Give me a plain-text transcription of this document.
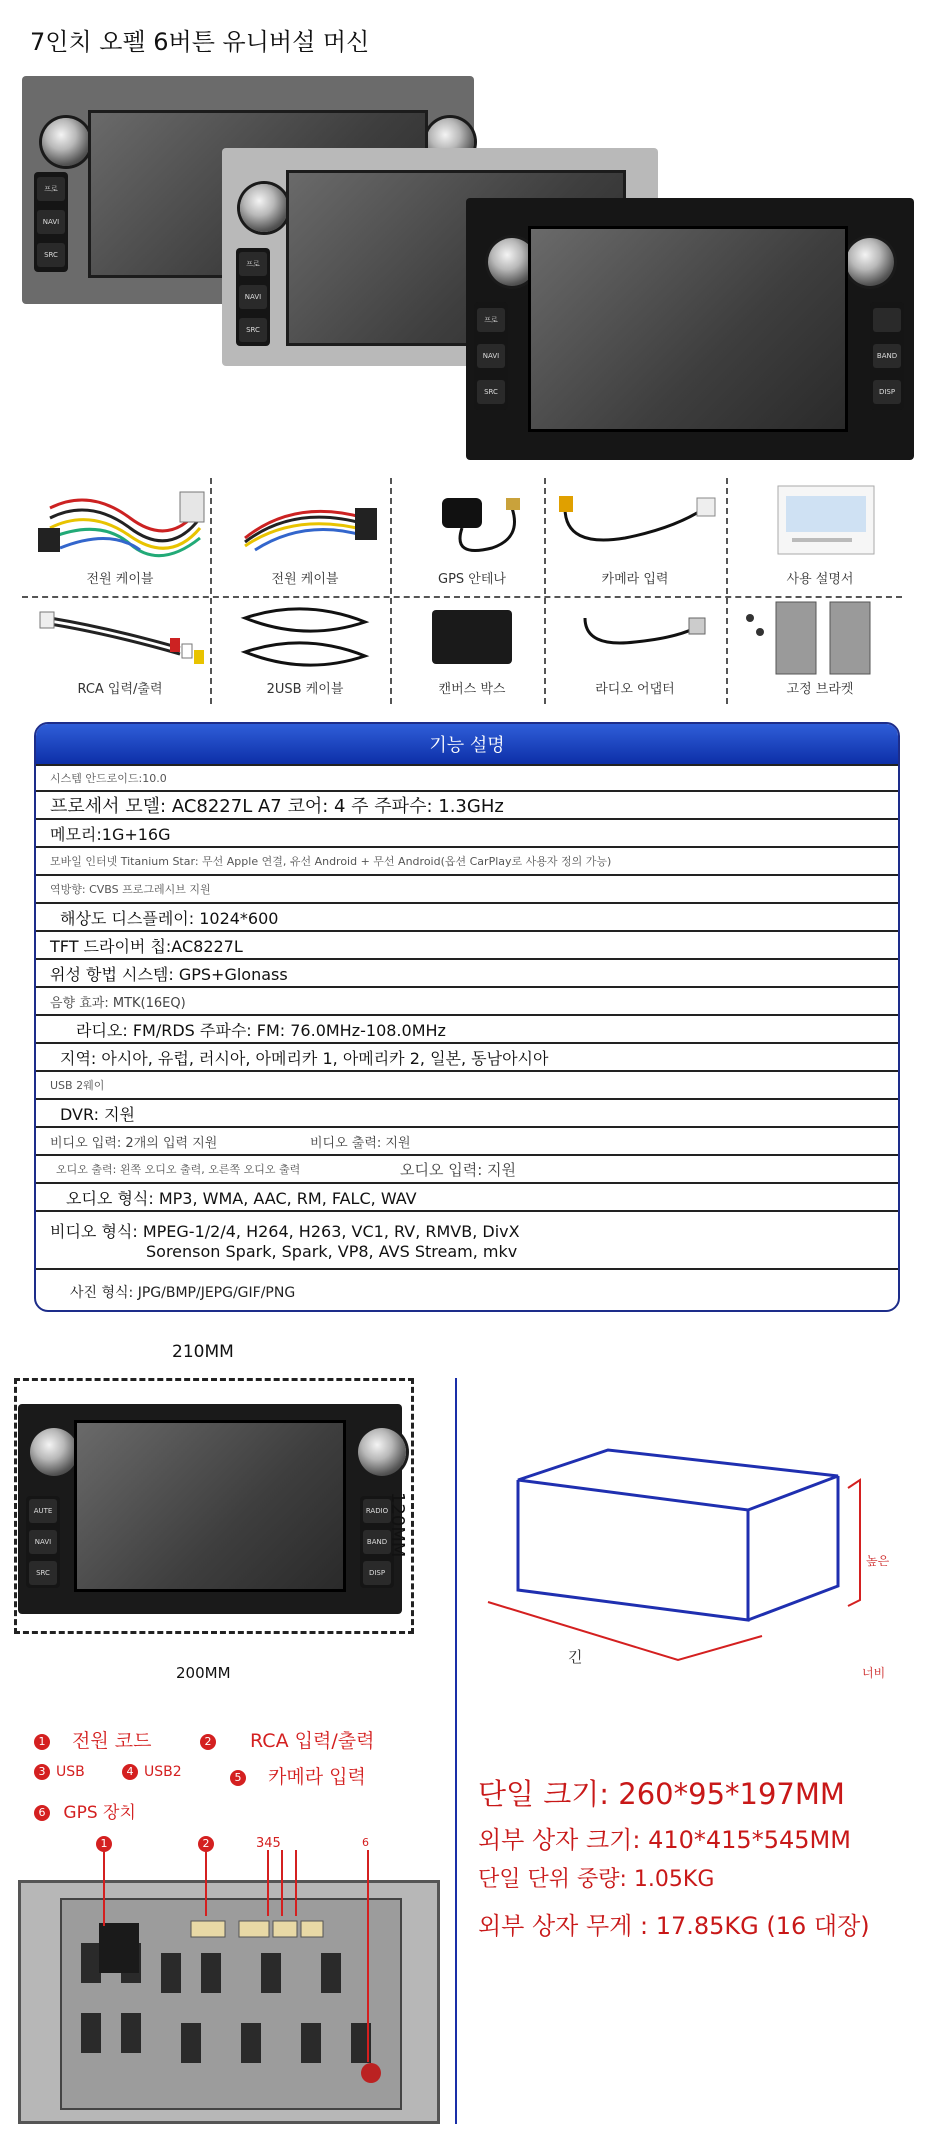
7인치 오펠 6버튼 유니버설 머신
프로
NAVI
SRC
프로
NAVI
SRC
프로
NAVI
SRC
BAND
DISP
전원 케이블	전원 케이블	GPS 안테나	카메라 입력	사용 설명서
RCA 입력/출력	2USB 케이블	캔버스 박스	라디오 어댑터	고정 브라켓
기능 설명
시스템 안드로이드:10.0
프로세서 모델: AC8227L A7 코어: 4 주 주파수: 1.3GHz
메모리:1G+16G
모바일 인터넷 Titanium Star: 무선 Apple 연결, 유선 Android + 무선 Android(옵션 CarPlay로 사용자 정의 가능)
역방향: CVBS 프로그레시브 지원
해상도 디스플레이: 1024*600
TFT 드라이버 칩:AC8227L
위성 항법 시스템: GPS+Glonass
음향 효과: MTK(16EQ)
라디오: FM/RDS 주파수: FM: 76.0MHz-108.0MHz
지역: 아시아, 유럽, 러시아, 아메리카 1, 아메리카 2, 일본, 동남아시아
USB 2웨이
DVR: 지원
비디오 입력: 2개의 입력 지원	비디오 출력: 지원
오디오 출력: 왼쪽 오디오 출력, 오른쪽 오디오 출력	오디오 입력: 지원
오디오 형식: MP3, WMA, AAC, RM, FALC, WAV
비디오 형식: MPEG-1/2/4, H264, H263, VC1, RV, RMVB, DivX
Sorenson Spark, Spark, VP8, AVS Stream, mkv
사진 형식: JPG/BMP/JEPG/GIF/PNG
210MM
AUTE
NAVI
SRC
RADIO
BAND
DISP
120MM
200MM
긴
높은
너비
1 전원 코드	2 RCA 입력/출력
3 USB	4 USB2	5 카메라 입력
6 GPS 장치
1	2	345	6
단일 크기: 260*95*197MM
외부 상자 크기: 410*415*545MM
단일 단위 중량: 1.05KG
외부 상자 무게 : 17.85KG (16 대장)
